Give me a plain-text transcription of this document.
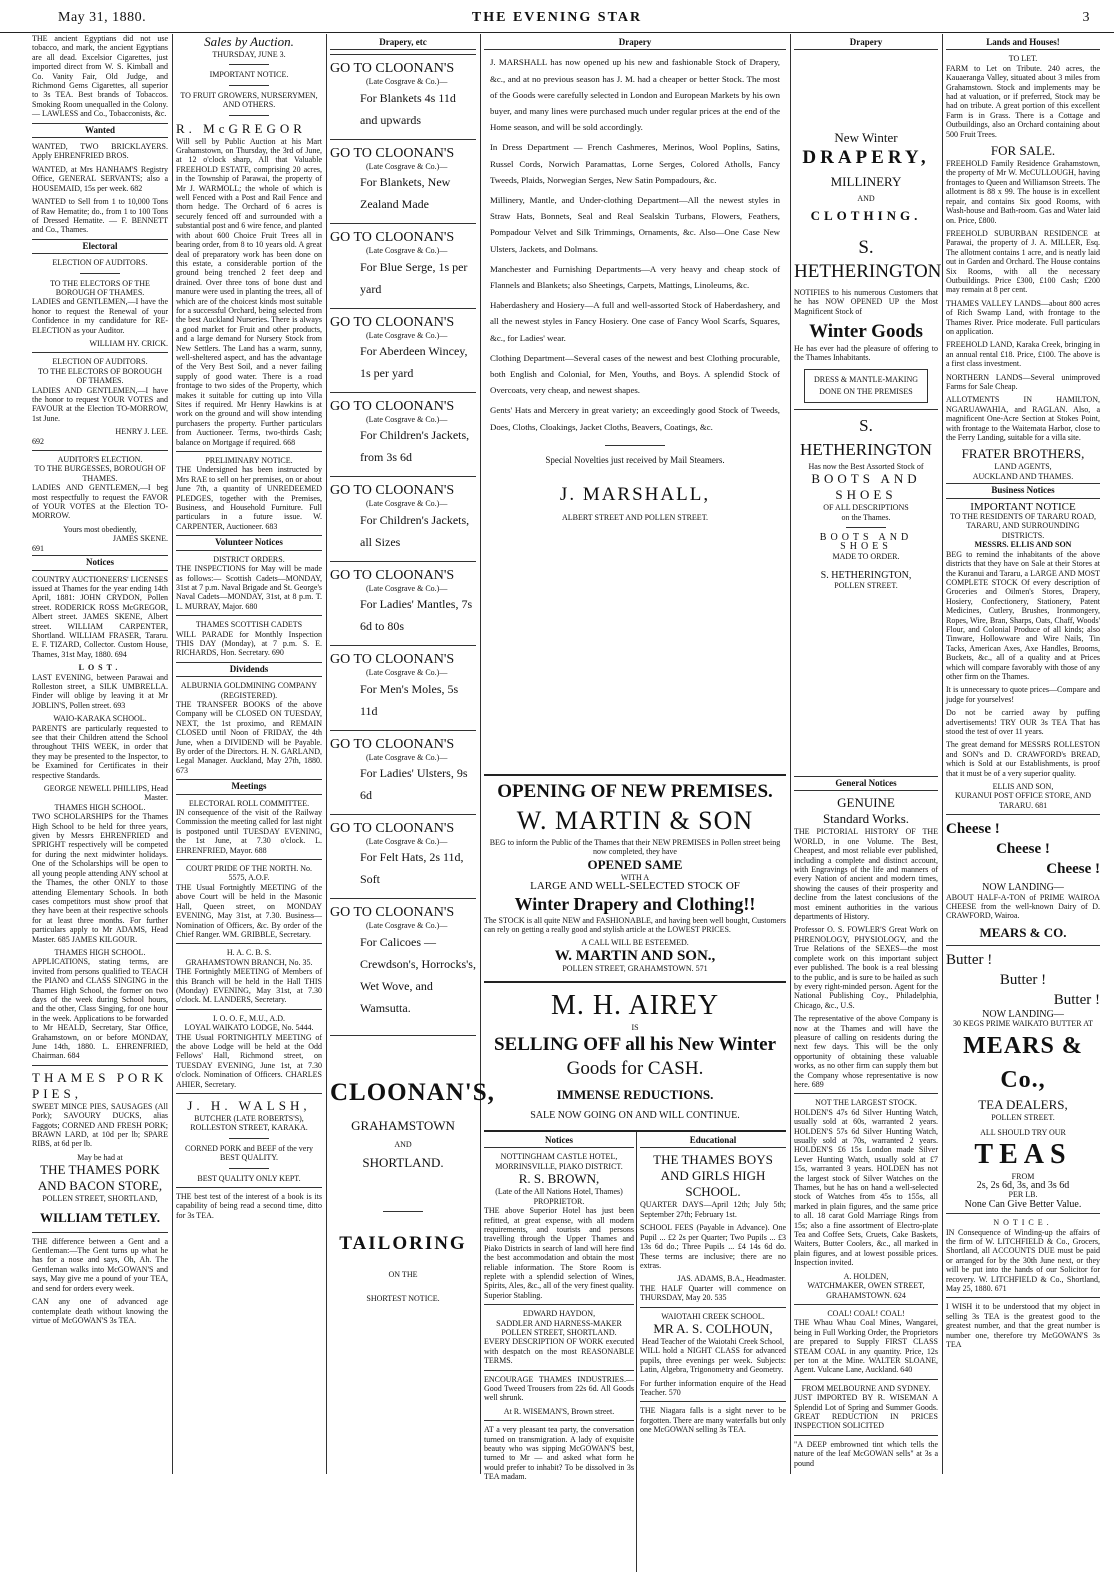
May 31, 1880.	THE EVENING STAR	3

THE ancient Egyptians did not use tobacco, and mark, the ancient Egyptians are all dead. Excelsior Cigarettes, just imported direct from W. S. Kimball and Co. Vanity Fair, Old Judge, and Richmond Gems Cigarettes, all superior to 3s TEA. Best brands of Tobaccos. Smoking Room unequalled in the Colony. — LAWLESS and Co., Tobacconists, &c.

Wanted

WANTED, TWO BRICKLAYERS. Apply EHRENFRIED BROS.

WANTED, at Mrs HANHAM'S Registry Office, GENERAL SERVANTS; also a HOUSEMAID, 15s per week. 682

WANTED to Sell from 1 to 10,000 Tons of Raw Hematite; do., from 1 to 100 Tons of Dressed Hematite. — F. BENNETT and Co., Thames.

Electoral
ELECTION OF AUDITORS.
TO THE ELECTORS OF THE BOROUGH OF THAMES.

LADIES and GENTLEMEN,—I have the honor to request the Renewal of your Confidence in my candidature for RE-ELECTION as your Auditor.

WILLIAM HY. CRICK.
ELECTION OF AUDITORS.
TO THE ELECTORS OF BOROUGH OF THAMES.

LADIES AND GENTLEMEN,—I have the honor to request YOUR VOTES and FAVOUR at the Election TO-MORROW, 1st June.

HENRY J. LEE.
692
AUDITOR'S ELECTION.
TO THE BURGESSES, BOROUGH OF THAMES.

LADIES AND GENTLEMEN,—I beg most respectfully to request the FAVOR of YOUR VOTES at the Election TO-MORROW.

Yours most obediently,
JAMES SKENE.
691
Notices

COUNTRY AUCTIONEERS' LICENSES issued at Thames for the year ending 14th April, 1881: JOHN CRYDON, Pollen street. RODERICK ROSS McGREGOR, Albert street. JAMES SKENE, Albert street. WILLIAM CARPENTER, Shortland. WILLIAM FRASER, Tararu. E. F. TIZARD, Collector. Custom House, Thames, 31st May, 1880. 694

LOST.

LAST EVENING, between Parawai and Rolleston street, a SILK UMBRELLA. Finder will oblige by leaving it at Mr JOBLIN'S, Pollen street. 693

WAIO-KARAKA SCHOOL.

PARENTS are particularly requested to see that their Children attend the School throughout THIS WEEK, in order that they may be presented to the Inspector, to be Examined for Certificates in their respective Standards.

GEORGE NEWELL PHILLIPS, Head Master.
THAMES HIGH SCHOOL.

TWO SCHOLARSHIPS for the Thames High School to be held for three years, given by Messrs EHRENFRIED and SPRIGHT respectively will be competed for during the next midwinter holidays. One of the Scholarships will be open to all young people attending ANY school at the Thames, the other ONLY to those attending Elementary Schools. In both cases competitors must show proof that they have been at their respective schools for at least three months. For further particulars apply to Mr ADAMS, Head Master. 685 JAMES KILGOUR.

THAMES HIGH SCHOOL.

APPLICATIONS, stating terms, are invited from persons qualified to TEACH the PIANO and CLASS SINGING in the Thames High School, the former on two days of the week during School hours, and the other, Class Singing, for one hour in the week. Applications to be forwarded to Mr HEALD, Secretary, Star Office, Grahamstown, on or before MONDAY, June 14th, 1880. L. EHRENFRIED, Chairman. 684

THAMES PORK PIES,

SWEET MINCE PIES, SAUSAGES (All Pork); SAVOURY DUCKS, alias Faggots; CORNED AND FRESH PORK; BRAWN LARD, at 10d per lb; SPARE RIBS, at 6d per lb.

May be had at
THE THAMES PORK AND BACON STORE,
POLLEN STREET, SHORTLAND,
WILLIAM TETLEY.

THE difference between a Gent and a Gentleman:—The Gent turns up what he has for a nose and says, Oh, Ah. The Gentleman walks into McGOWAN'S and says, May give me a pound of your TEA, and send for orders every week.

CAN any one of advanced age contemplate death without knowing the virtue of McGOWAN'S 3s TEA.

Sales by Auction.
THURSDAY, JUNE 3.
IMPORTANT NOTICE.
TO FRUIT GROWERS, NURSERYMEN, AND OTHERS.
R. McGREGOR

Will sell by Public Auction at his Mart Grahamstown, on Thursday, the 3rd of June, at 12 o'clock sharp, All that Valuable FREEHOLD ESTATE, comprising 20 acres, in the Township of Parawai, the property of Mr J. WARMOLL; the whole of which is well Fenced with a Post and Rail Fence and thorn hedge. The Orchard of 6 acres is securely fenced off and surrounded with a substantial post and 6 wire fence, and planted with about 600 Choice Fruit Trees all in bearing order, from 8 to 10 years old. A great deal of preparatory work has been done on this estate, a considerable portion of the ground being trenched 2 feet deep and drained. Over three tons of bone dust and manure were used in planting the trees, all of which are of the choicest kinds most suitable for a successful Orchard, being selected from the best Auckland Nurseries. There is always a good market for Fruit and other products, and a large demand for Nursery Stock from New Settlers. The Land has a warm, sunny, well-sheltered aspect, and has the advantage of the Very Best Soil, and a never failing supply of good water. There is a road frontage to two sides of the Property, which makes it suitable for cutting up into Villa Sites if required. Mr Henry Hawkins is at work on the ground and will show intending purchasers the property. Further particulars from Auctioneer. Terms, two-thirds Cash; balance on Mortgage if required. 668

PRELIMINARY NOTICE.

THE Undersigned has been instructed by Mrs RAE to sell on her premises, on or about June 7th, a quantity of UNREDEEMED PLEDGES, together with the Premises, Business, and Household Furniture. Full particulars in a future issue. W. CARPENTER, Auctioneer. 683

Volunteer Notices
DISTRICT ORDERS.

THE INSPECTIONS for May will be made as follows:— Scottish Cadets—MONDAY, 31st at 7 p.m. Naval Brigade and St. George's Naval Cadets—MONDAY, 31st, at 8 p.m. T. L. MURRAY, Major. 680

THAMES SCOTTISH CADETS

WILL PARADE for Monthly Inspection THIS DAY (Monday), at 7 p.m. S. E. RICHARDS, Hon. Secretary. 690

Dividends
ALBURNIA GOLDMINING COMPANY (REGISTERED).

THE TRANSFER BOOKS of the above Company will be CLOSED ON TUESDAY, NEXT, the 1st proximo, and REMAIN CLOSED until Noon of FRIDAY, the 4th June, when a DIVIDEND will be Payable. By order of the Directors. H. N. GARLAND, Legal Manager. Auckland, May 27th, 1880. 673

Meetings
ELECTORAL ROLL COMMITTEE.

IN consequence of the visit of the Railway Commission the meeting called for last night is postponed until TUESDAY EVENING, the 1st June, at 7.30 o'clock. L. EHRENFRIED, Mayor. 688

COURT PRIDE OF THE NORTH. No. 5575, A.O.F.

THE Usual Fortnightly MEETING of the above Court will be held in the Masonic Hall, Queen street, on MONDAY EVENING, May 31st, at 7.30. Business—Nomination of Officers, &c. By order of the Chief Ranger. WM. GRIBBLE, Secretary.

H. A. C. B. S.
GRAHAMSTOWN BRANCH, No. 35.

THE Fortnightly MEETING of Members of this Branch will be held in the Hall THIS (Monday) EVENING, May 31st, at 7.30 o'clock. M. LANDERS, Secretary.

I. O. O. F., M.U., A.D.
LOYAL WAIKATO LODGE, No. 5444.

THE Usual FORTNIGHTLY MEETING of the above Lodge will be held at the Odd Fellows' Hall, Richmond street, on TUESDAY EVENING, June 1st, at 7.30 o'clock. Nomination of Officers. CHARLES AHIER, Secretary.

J. H. WALSH,
BUTCHER (LATE ROBERTS'S), ROLLESTON STREET, KARAKA.
CORNED PORK and BEEF of the very BEST QUALITY.
BEST QUALITY ONLY KEPT.

THE best test of the interest of a book is its capability of being read a second time, ditto for 3s TEA.

Drapery, etc
GO TO CLOONAN'S
(Late Cosgrave & Co.)—
For Blankets 4s 11d and upwards
GO TO CLOONAN'S
(Late Cosgrave & Co.)—
For Blankets, New Zealand Made
GO TO CLOONAN'S
(Late Cosgrave & Co.)—
For Blue Serge, 1s per yard
GO TO CLOONAN'S
(Late Cosgrave & Co.)—
For Aberdeen Wincey, 1s per yard
GO TO CLOONAN'S
(Late Cosgrave & Co.)—
For Children's Jackets, from 3s 6d
GO TO CLOONAN'S
(Late Cosgrave & Co.)—
For Children's Jackets, all Sizes
GO TO CLOONAN'S
(Late Cosgrave & Co.)—
For Ladies' Mantles, 7s 6d to 80s
GO TO CLOONAN'S
(Late Cosgrave & Co.)—
For Men's Moles, 5s 11d
GO TO CLOONAN'S
(Late Cosgrave & Co.)—
For Ladies' Ulsters, 9s 6d
GO TO CLOONAN'S
(Late Cosgrave & Co.)—
For Felt Hats, 2s 11d, Soft
GO TO CLOONAN'S
(Late Cosgrave & Co.)—
For Calicoes — Crewdson's, Horrocks's, Wet Wove, and Wamsutta.
CLOONAN'S,
GRAHAMSTOWN
AND
SHORTLAND.
TAILORING
ON THE
SHORTEST NOTICE.
Drapery

J. MARSHALL has now opened up his new and fashionable Stock of Drapery, &c., and at no previous season has J. M. had a cheaper or better Stock. The most of the Goods were carefully selected in London and European Markets by his own buyer, and many lines were purchased much under regular prices at the end of the Home season, and will be sold accordingly.

In Dress Department — French Cashmeres, Merinos, Wool Poplins, Satins, Russel Cords, Norwich Paramattas, Lorne Serges, Colored Atholls, Fancy Tweeds, Plaids, Norwegian Serges, New Satin Pompadours, &c.

Millinery, Mantle, and Under-clothing Department—All the newest styles in Straw Hats, Bonnets, Seal and Real Sealskin Turbans, Flowers, Feathers, Pompadour Velvet and Silk Trimmings, Ornaments, &c. Also—One Case New Ulsters, Jackets, and Dolmans.

Manchester and Furnishing Departments—A very heavy and cheap stock of Flannels and Blankets; also Sheetings, Carpets, Mattings, Linoleums, &c.

Haberdashery and Hosiery—A full and well-assorted Stock of Haberdashery, and all the newest styles in Fancy Hosiery. One case of Fancy Wool Scarfs, Squares, &c., for Ladies' wear.

Clothing Department—Several cases of the newest and best Clothing procurable, both English and Colonial, for Men, Youths, and Boys. A splendid Stock of Overcoats, very cheap, and newest shapes.

Gents' Hats and Mercery in great variety; an exceedingly good Stock of Tweeds, Does, Cloths, Cloakings, Jacket Cloths, Beavers, Coatings, &c.

Special Novelties just received by Mail Steamers.
J. MARSHALL,
ALBERT STREET AND POLLEN STREET.
Drapery
New Winter
DRAPERY,
MILLINERY
AND
CLOTHING.
S. HETHERINGTON

NOTIFIES to his numerous Customers that he has NOW OPENED UP the Most Magnificent Stock of

Winter Goods

He has ever had the pleasure of offering to the Thames Inhabitants.

DRESS & MANTLE-MAKING DONE ON THE PREMISES
S. HETHERINGTON
Has now the Best Assorted Stock of
BOOTS AND SHOES
OF ALL DESCRIPTIONS
on the Thames.
BOOTS AND SHOES
MADE TO ORDER.
S. HETHERINGTON,
POLLEN STREET.
General Notices
GENUINE
Standard Works.

THE PICTORIAL HISTORY OF THE WORLD, in one Volume. The Best, Cheapest, and most reliable ever published, including a complete and distinct account, with Engravings of the life and manners of every Nation of ancient and modern times, showing the causes of their prosperity and decline from the latest conclusions of the most eminent authorities in the various departments of History.

Professor O. S. FOWLER'S Great Work on PHRENOLOGY, PHYSIOLOGY, and the True Relations of the SEXES—the most complete work on this important subject ever published. The book is a real blessing to the public, and is sure to be hailed as such by every right-minded person. Agent for the National Publishing Coy., Philadelphia, Chicago, &c., U.S.

The representative of the above Company is now at the Thames and will have the pleasure of calling on residents during the next few days. This will be the only opportunity of obtaining these valuable works, as no other firm can supply them but the Company whose representative is now here. 689

NOT THE LARGEST STOCK.

HOLDEN'S 47s 6d Silver Hunting Watch, usually sold at 60s, warranted 2 years. HOLDEN'S 57s 6d Silver Hunting Watch, usually sold at 70s, warranted 2 years. HOLDEN'S £6 15s London made Silver Lever Hunting Watch, usually sold at £7 15s, warranted 3 years. HOLDEN has not the largest stock of Silver Watches on the Thames, but he has on hand a well-selected stock of Watches from 45s to 155s, all marked in plain figures, and the same price to all. 18 carat Gold Marriage Rings from 15s; also a fine assortment of Electro-plate Tea and Coffee Sets, Cruets, Cake Baskets, Waiters, Butter Coolers, &c., all marked in plain figures, and at lowest possible prices. Inspection invited.

A. HOLDEN,
WATCHMAKER, OWEN STREET, GRAHAMSTOWN. 624
COAL! COAL! COAL!

THE Whau Whau Coal Mines, Wangarei, being in Full Working Order, the Proprietors are prepared to Supply FIRST CLASS STEAM COAL in any quantity. Price, 12s per ton at the Mine. WALTER SLOANE, Agent. Vulcane Lane, Auckland. 640

FROM MELBOURNE AND SYDNEY.

JUST IMPORTED BY R. WISEMAN A Splendid Lot of Spring and Summer Goods. GREAT REDUCTION IN PRICES INSPECTION SOLICITED

"A DEEP embrowned tint which tells the nature of the leaf McGOWAN sells" at 3s a pound

Lands and Houses!
TO LET.

FARM to Let on Tribute. 240 acres, the Kauaeranga Valley, situated about 3 miles from Grahamstown. Stock and implements may be had at valuation, or if preferred, Stock may be had on tribute. A great portion of this excellent Farm is in Grass. There is a Cottage and Outbuildings, also an Orchard containing about 500 Fruit Trees.

FOR SALE.

FREEHOLD Family Residence Grahamstown, the property of Mr W. McCULLOUGH, having frontages to Queen and Williamson Streets. The allotment is 88 x 99. The house is in excellent repair, and contains Six good Rooms, with Wash-house and Bath-room. Gas and Water laid on. Price, £800.

FREEHOLD SUBURBAN RESIDENCE at Parawai, the property of J. A. MILLER, Esq. The allotment contains 1 acre, and is neatly laid out in Garden and Orchard. The House contains Six Rooms, with all the necessary Outbuildings. Price £300, £100 Cash; £200 may remain at 8 per cent.

THAMES VALLEY LANDS—about 800 acres of Rich Swamp Land, with frontage to the Thames River. Price moderate. Full particulars on application.

FREEHOLD LAND, Karaka Creek, bringing in an annual rental £18. Price, £100. The above is a first class investment.

NORTHERN LANDS—Several unimproved Farms for Sale Cheap.

ALLOTMENTS IN HAMILTON, NGARUAWAHIA, and RAGLAN. Also, a magnificent One-Acre Section at Stokes Point, with frontage to the Waitemata Harbor, close to the Ferry Landing, suitable for a villa site.

FRATER BROTHERS,
LAND AGENTS,
AUCKLAND AND THAMES.
Business Notices
IMPORTANT NOTICE
TO THE RESIDENTS OF TARARU ROAD, TARARU, AND SURROUNDING DISTRICTS.
MESSRS. ELLIS AND SON

BEG to remind the inhabitants of the above districts that they have on Sale at their Stores at the Kuranui and Tararu, a LARGE AND MOST COMPLETE STOCK Of every description of Groceries and Oilmen's Stores, Drapery, Hosiery, Confectionery, Stationery, Patent Medicines, Cutlery, Brushes, Ironmongery, Ropes, Wire, Bran, Sharps, Oats, Chaff, Woods' Flour, and Colonial Produce of all kinds; also Tinware, Hollowware and Wire Nails, Tin Tacks, American Axes, Axe Handles, Brooms, Buckets, &c., all of a quality and at Prices which will compare favorably with those of any other firm on the Thames.

It is unnecessary to quote prices—Compare and judge for yourselves!

Do not be carried away by puffing advertisements! TRY OUR 3s TEA That has stood the test of over 11 years.

The great demand for MESSRS ROLLESTON and SON's and D. CRAWFORD's BREAD, which is Sold at our Establishments, is proof that it must be of a very superior quality.

ELLIS AND SON,
KURANUI POST OFFICE STORE, AND TARARU. 681
Cheese !
Cheese !
Cheese !
NOW LANDING—

ABOUT HALF-A-TON of PRIME WAIROA CHEESE from the well-known Dairy of D. CRAWFORD, Wairoa.

MEARS & CO.
Butter !
Butter !
Butter !
NOW LANDING—
30 KEGS PRIME WAIKATO BUTTER AT
MEARS & Co.,
TEA DEALERS,
POLLEN STREET.
ALL SHOULD TRY OUR
TEAS
FROM
2s, 2s 6d, 3s, and 3s 6d
PER LB.
None Can Give Better Value.
NOTICE.

IN Consequence of Winding-up the affairs of the firm of W. LITCHFIELD & Co., Grocers, Shortland, all ACCOUNTS DUE must be paid or arranged for by the 30th June next, or they will be put into the hands of our Solicitor for recovery. W. LITCHFIELD & Co., Shortland, May 25, 1880. 671

I WISH it to be understood that my object in selling 3s TEA is the greatest good to the greatest number, and that the great number is number one, therefore try McGOWAN'S 3s TEA

OPENING OF NEW PREMISES.
W. MARTIN & SON
BEG to inform the Public of the Thames that their NEW PREMISES in Pollen street being now completed, they have
OPENED SAME
WITH A
LARGE AND WELL-SELECTED STOCK OF
Winter Drapery and Clothing!!

The STOCK is all quite NEW and FASHIONABLE, and having been well bought, Customers can rely on getting a really good and stylish article at the LOWEST PRICES.

A CALL WILL BE ESTEEMED.
W. MARTIN AND SON.,
POLLEN STREET, GRAHAMSTOWN. 571
M. H. AIREY
IS
SELLING OFF all his New Winter
Goods for CASH.
IMMENSE REDUCTIONS.
SALE NOW GOING ON AND WILL CONTINUE.
Notices
NOTTINGHAM CASTLE HOTEL, MORRINSVILLE, PIAKO DISTRICT.
R. S. BROWN,
(Late of the All Nations Hotel, Thames) PROPRIETOR.

THE above Superior Hotel has just been refitted, at great expense, with all modern requirements, and tourists and persons travelling through the Upper Thames and Piako Districts in search of land will here find the best accommodation and obtain the most reliable information. The Store Room is replete with a splendid selection of Wines, Spirits, Ales, &c., all of the very finest quality. Superior Stabling.

EDWARD HAYDON,
SADDLER AND HARNESS-MAKER POLLEN STREET, SHORTLAND.

EVERY DESCRIPTION OF WORK executed with despatch on the most REASONABLE TERMS.

ENCOURAGE THAMES INDUSTRIES.—Good Tweed Trousers from 22s 6d. All Goods well shrunk.

At R. WISEMAN'S, Brown street.

AT a very pleasant tea party, the conversation turned on transmigration. A lady of exquisite beauty who was sipping McGOWAN'S best, turned to Mr — and asked what form he would prefer to inhabit? To be dissolved in 3s TEA madam.

Educational
THE THAMES BOYS AND GIRLS HIGH SCHOOL.

QUARTER DAYS—April 12th; July 5th; September 27th; February 1st.

SCHOOL FEES (Payable in Advance). One Pupil ... £2 2s per Quarter; Two Pupils ... £3 13s 6d do.; Three Pupils ... £4 14s 6d do. These terms are inclusive; there are no extras.

JAS. ADAMS, B.A., Headmaster.

THE HALF Quarter will commence on THURSDAY, May 20. 535

WAIOTAHI CREEK SCHOOL.
MR A. S. COLHOUN,
Head Teacher of the Waiotahi Creek School,

WILL hold a NIGHT CLASS for advanced pupils, three evenings per week. Subjects: Latin, Algebra, Trigonometry and Geometry.

For further information enquire of the Head Teacher. 570

THE Niagara falls is a sight never to be forgotten. There are many waterfalls but only one McGOWAN selling 3s TEA.
